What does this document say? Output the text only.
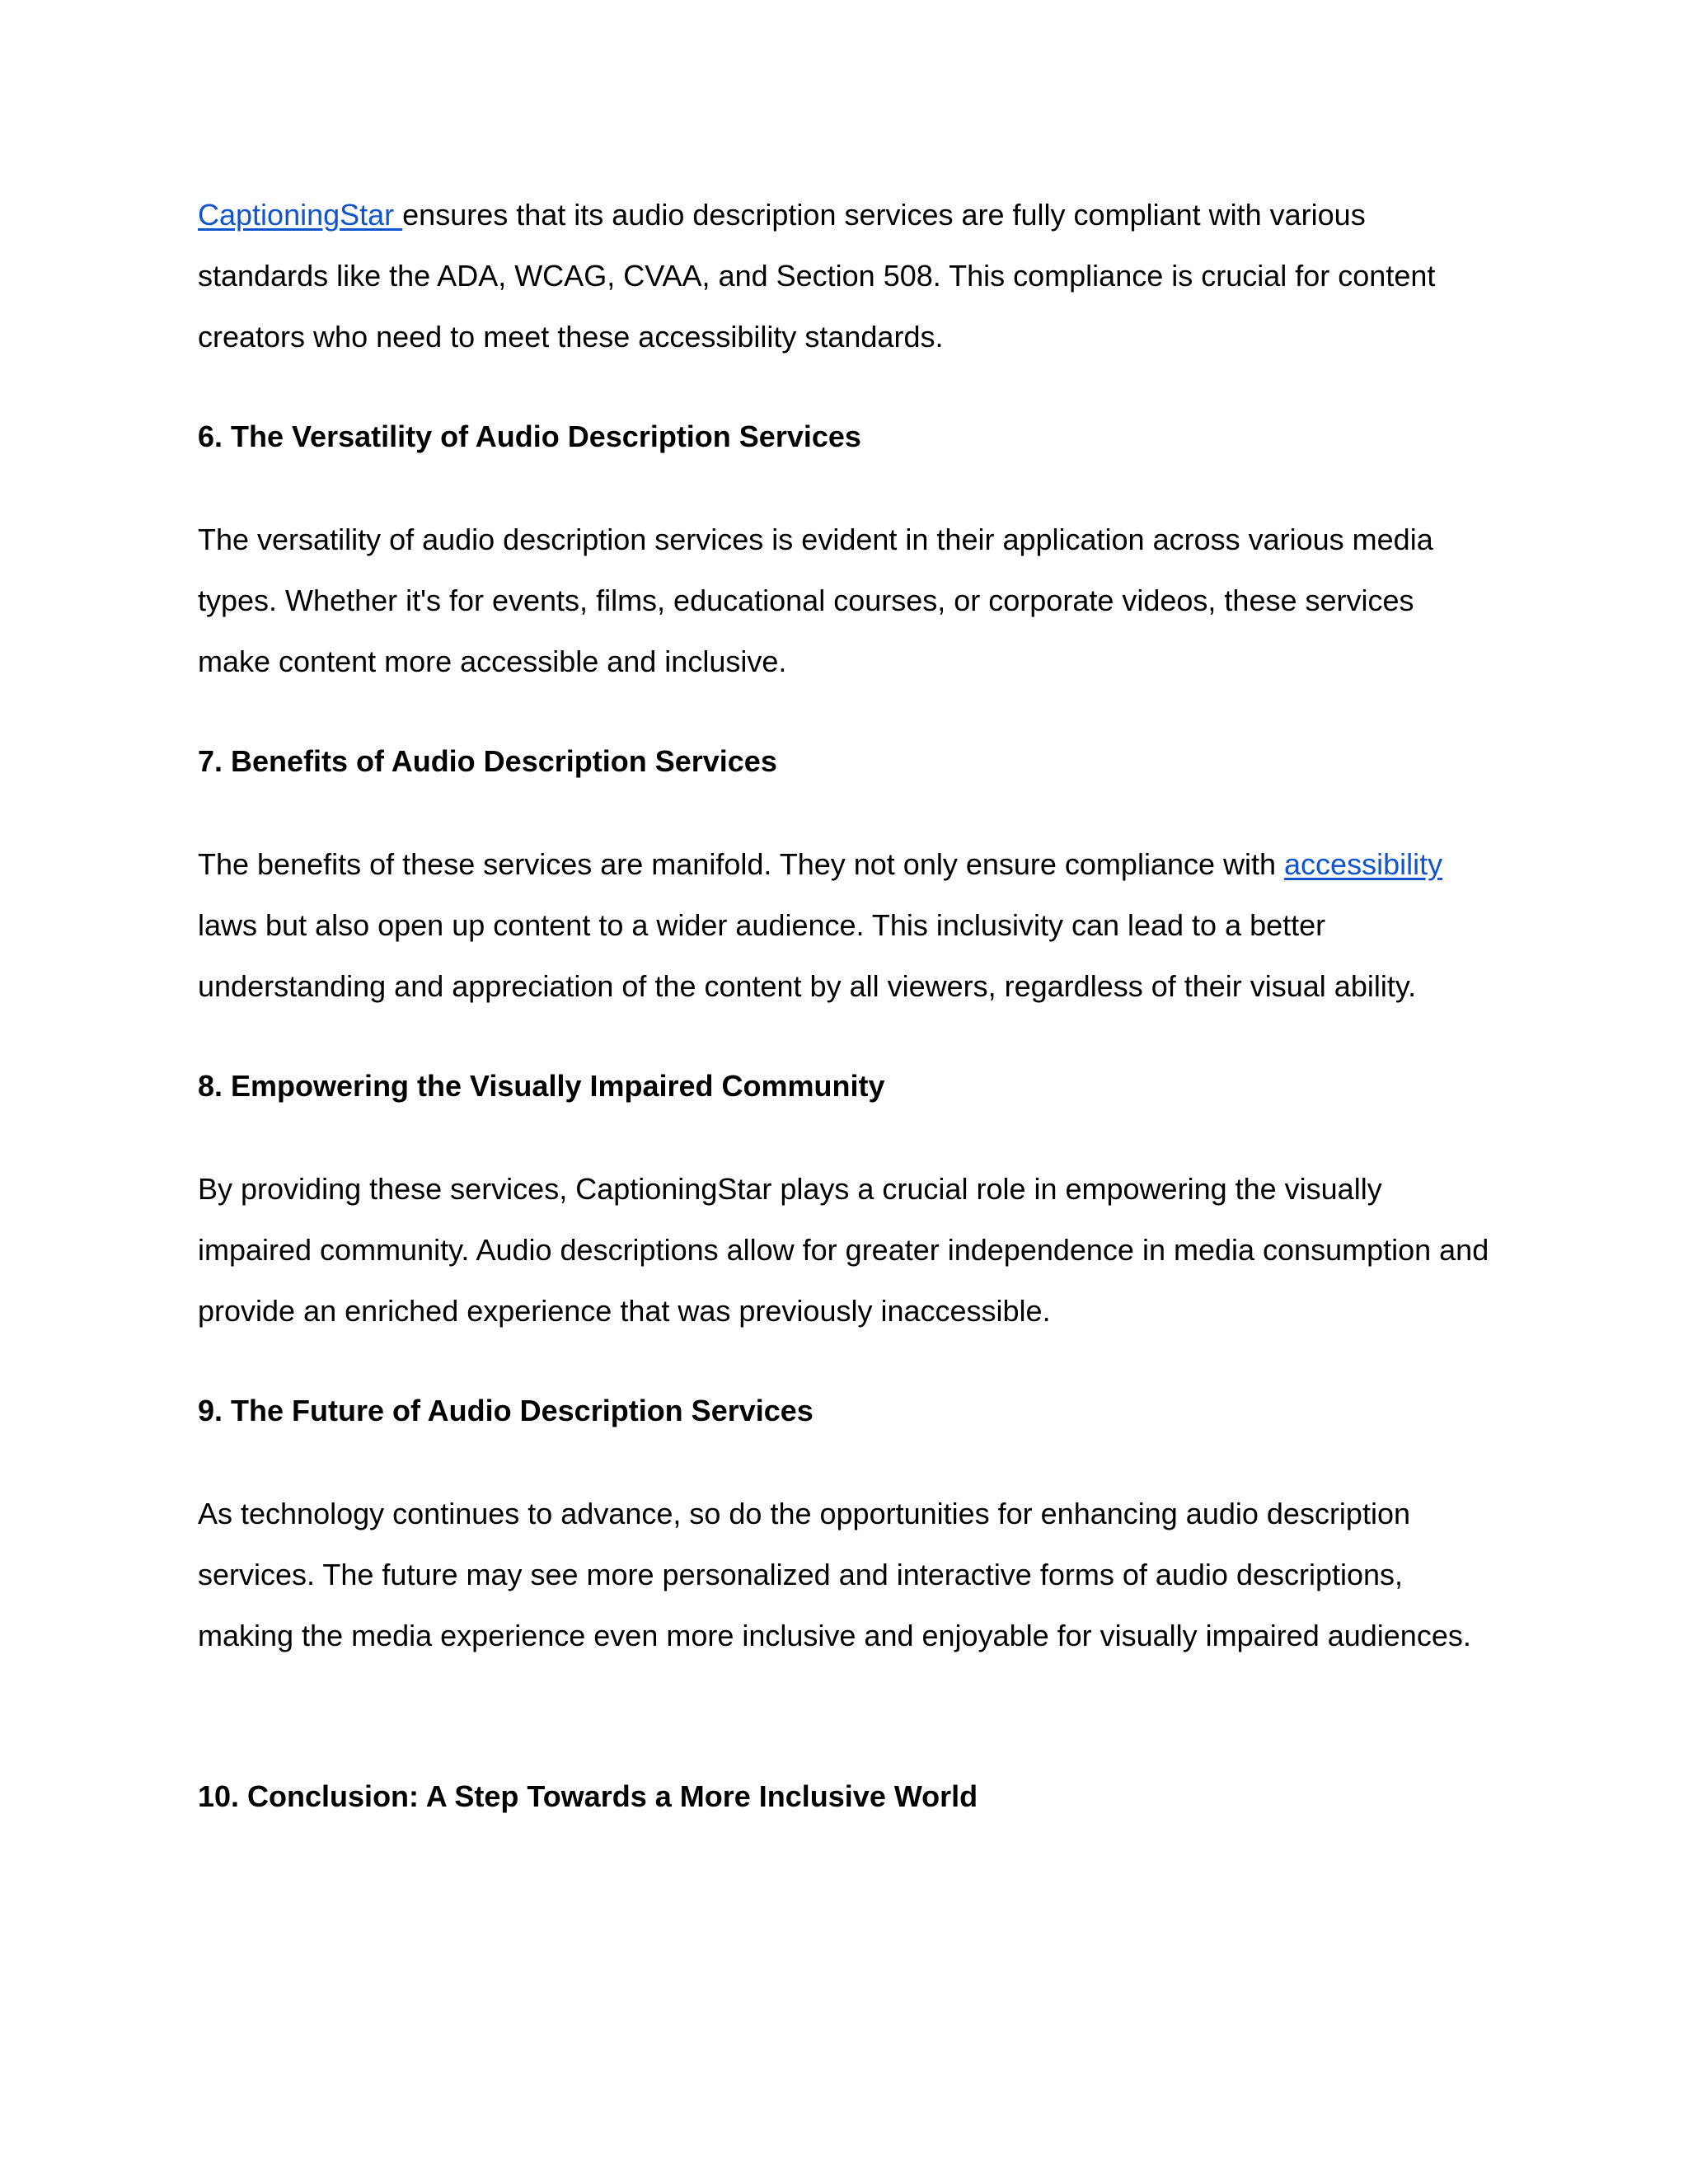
CaptioningStar ensures that its audio description services are fully compliant with various standards like the ADA, WCAG, CVAA, and Section 508. This compliance is crucial for content creators who need to meet these accessibility standards.

6. The Versatility of Audio Description Services

The versatility of audio description services is evident in their application across various media types. Whether it's for events, films, educational courses, or corporate videos, these services make content more accessible and inclusive.

7. Benefits of Audio Description Services

The benefits of these services are manifold. They not only ensure compliance with accessibility laws but also open up content to a wider audience. This inclusivity can lead to a better understanding and appreciation of the content by all viewers, regardless of their visual ability.

8. Empowering the Visually Impaired Community

By providing these services, CaptioningStar plays a crucial role in empowering the visually impaired community. Audio descriptions allow for greater independence in media consumption and provide an enriched experience that was previously inaccessible.

9. The Future of Audio Description Services

As technology continues to advance, so do the opportunities for enhancing audio description services. The future may see more personalized and interactive forms of audio descriptions, making the media experience even more inclusive and enjoyable for visually impaired audiences.

10. Conclusion: A Step Towards a More Inclusive World
